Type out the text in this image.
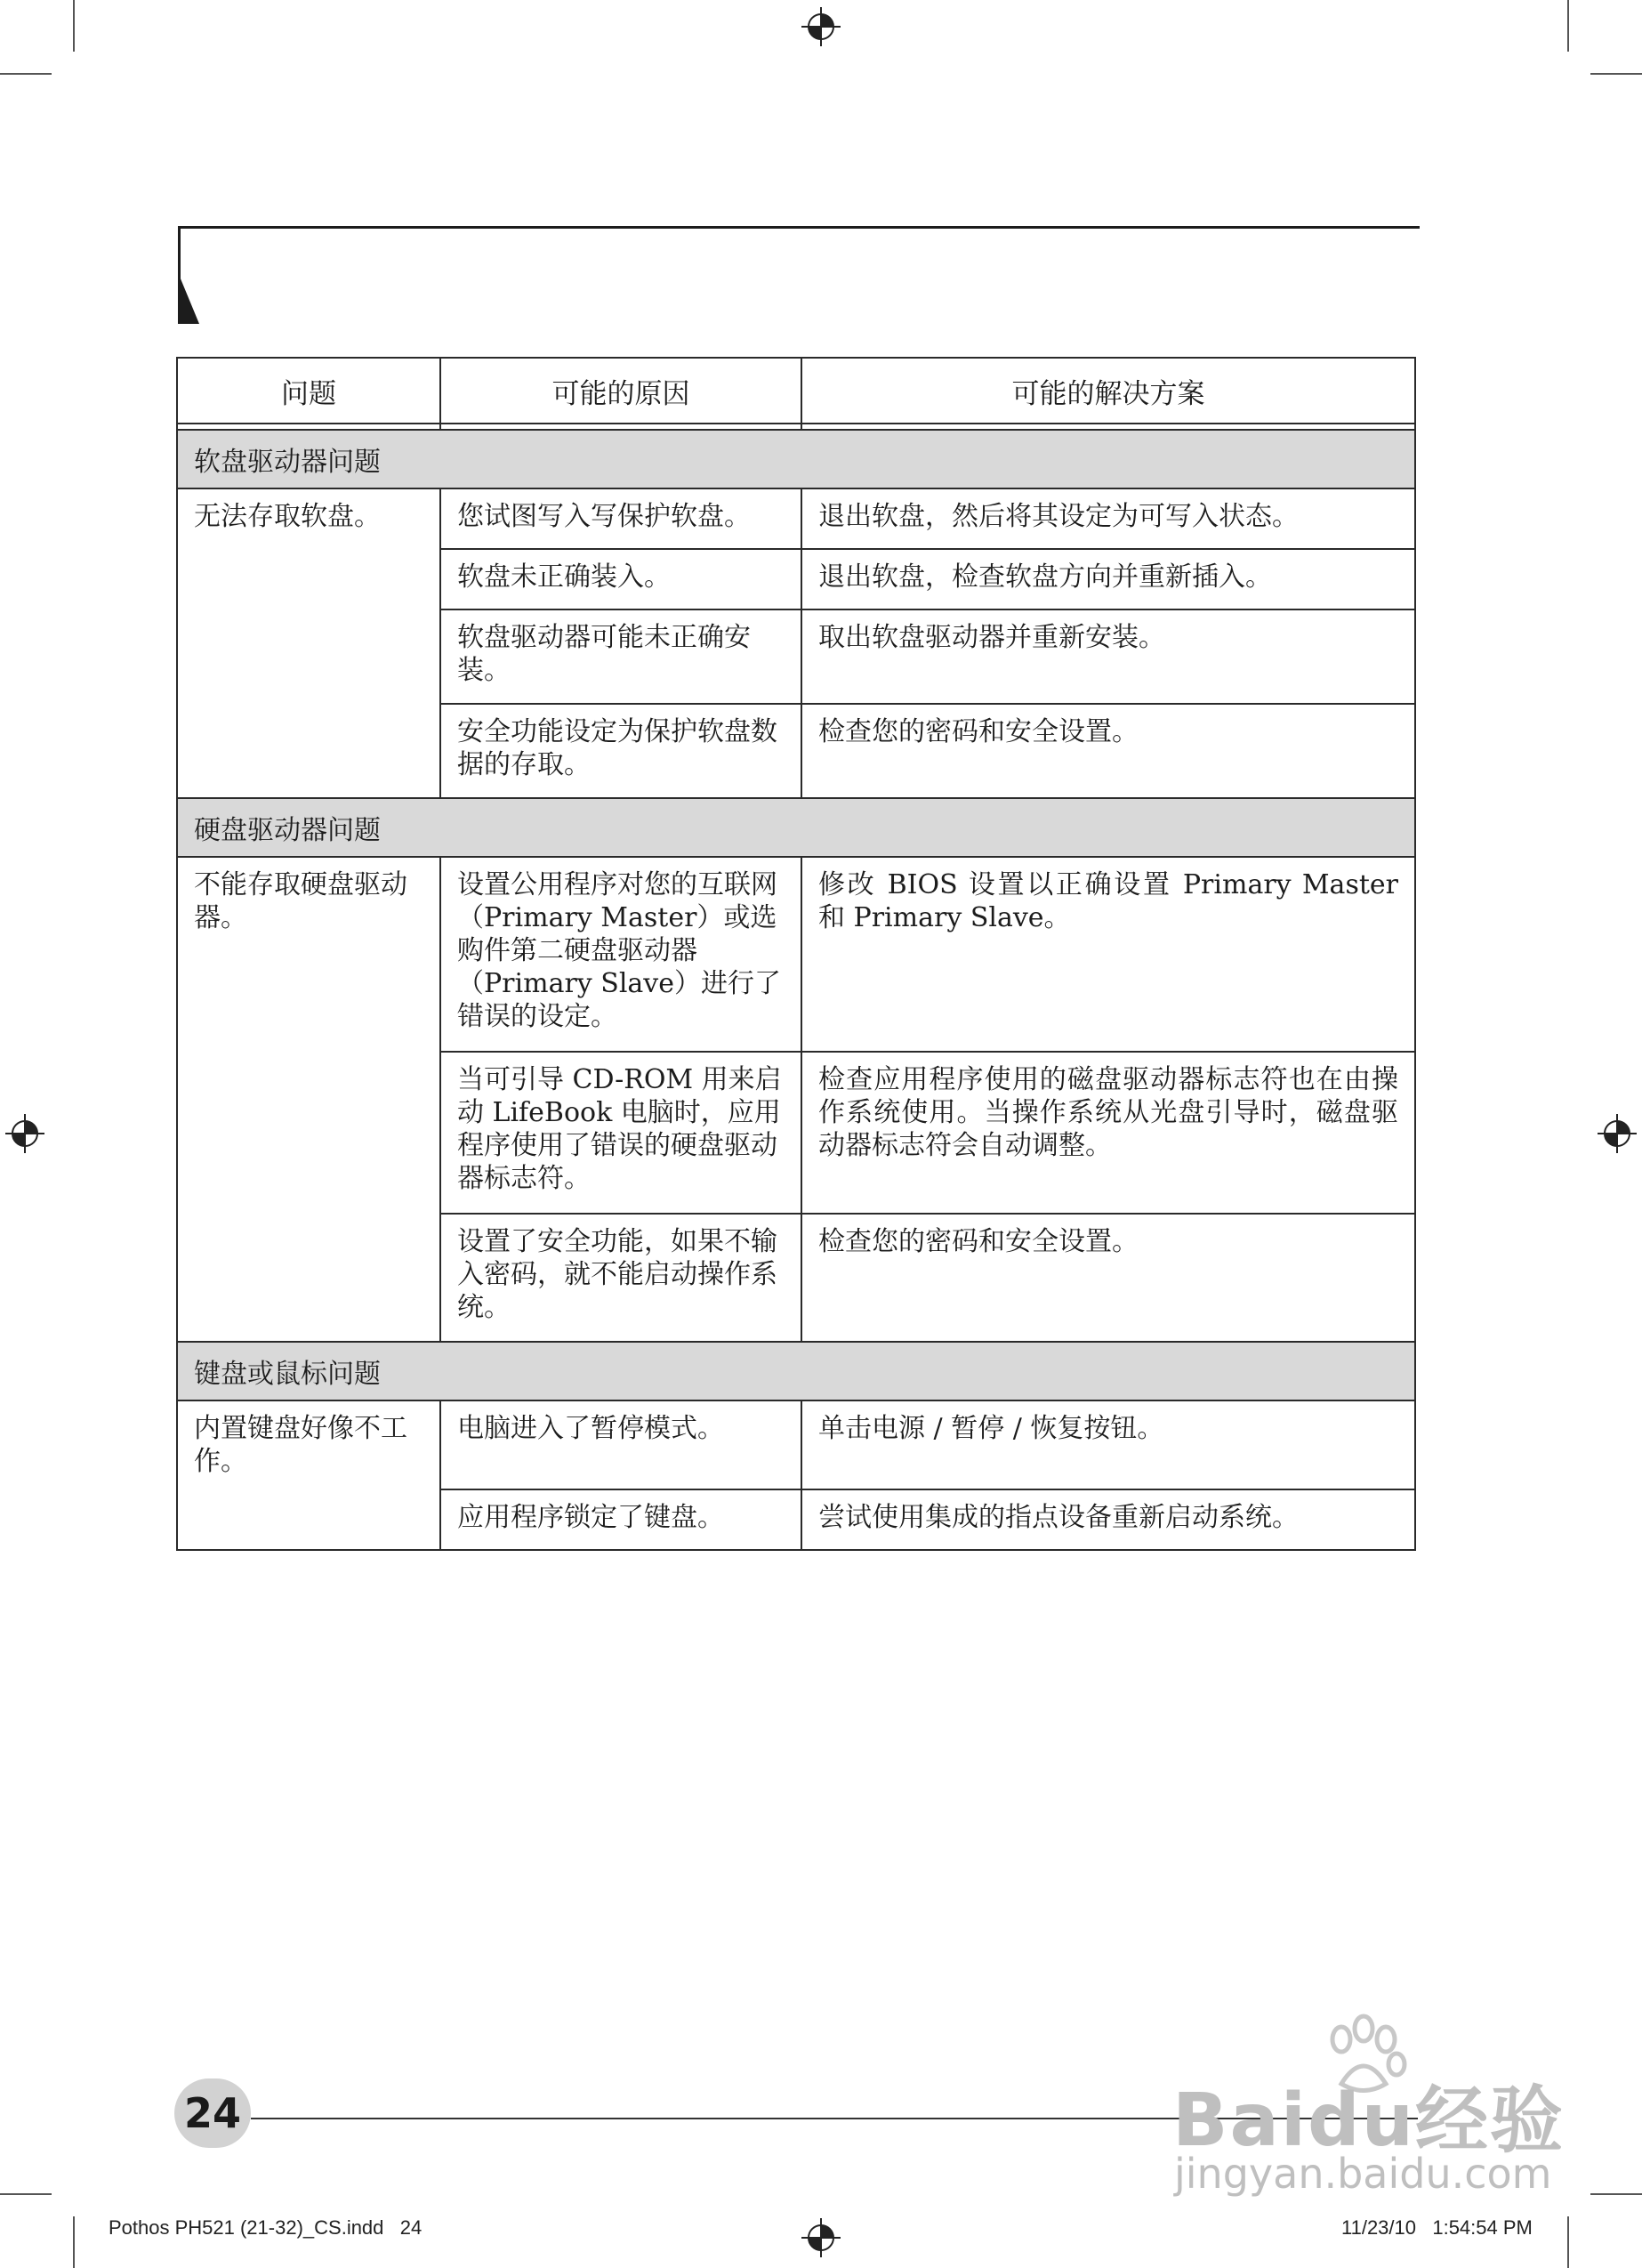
问题	可能的原因	可能的解决方案

软盘驱动器问题		
无法存取软盘。	您试图写入写保护软盘。	退出软盘，然后将其设定为可写入状态。
	软盘未正确装入。	退出软盘，检查软盘方向并重新插入。
	软盘驱动器可能未正确安装。	取出软盘驱动器并重新安装。
	安全功能设定为保护软盘数据的存取。	检查您的密码和安全设置。
硬盘驱动器问题		
不能存取硬盘驱动器。	设置公用程序对您的互联网（Primary Master）或选购件第二硬盘驱动器（Primary Slave）进行了错误的设定。	修改 BIOS 设置以正确设置 Primary Master 和 Primary Slave。
	当可引导 CD-ROM 用来启动 LifeBook 电脑时，应用程序使用了错误的硬盘驱动器标志符。	检查应用程序使用的磁盘驱动器标志符也在由操作系统使用。当操作系统从光盘引导时，磁盘驱动器标志符会自动调整。
	设置了安全功能，如果不输入密码，就不能启动操作系统。	检查您的密码和安全设置。
键盘或鼠标问题		
内置键盘好像不工作。	电脑进入了暂停模式。	单击电源 / 暂停 / 恢复按钮。
	应用程序锁定了键盘。	尝试使用集成的指点设备重新启动系统。
24	Baidu经验
jingyan.baidu.com
Pothos PH521 (21-32)_CS.indd   24	11/23/10   1:54:54 PM
